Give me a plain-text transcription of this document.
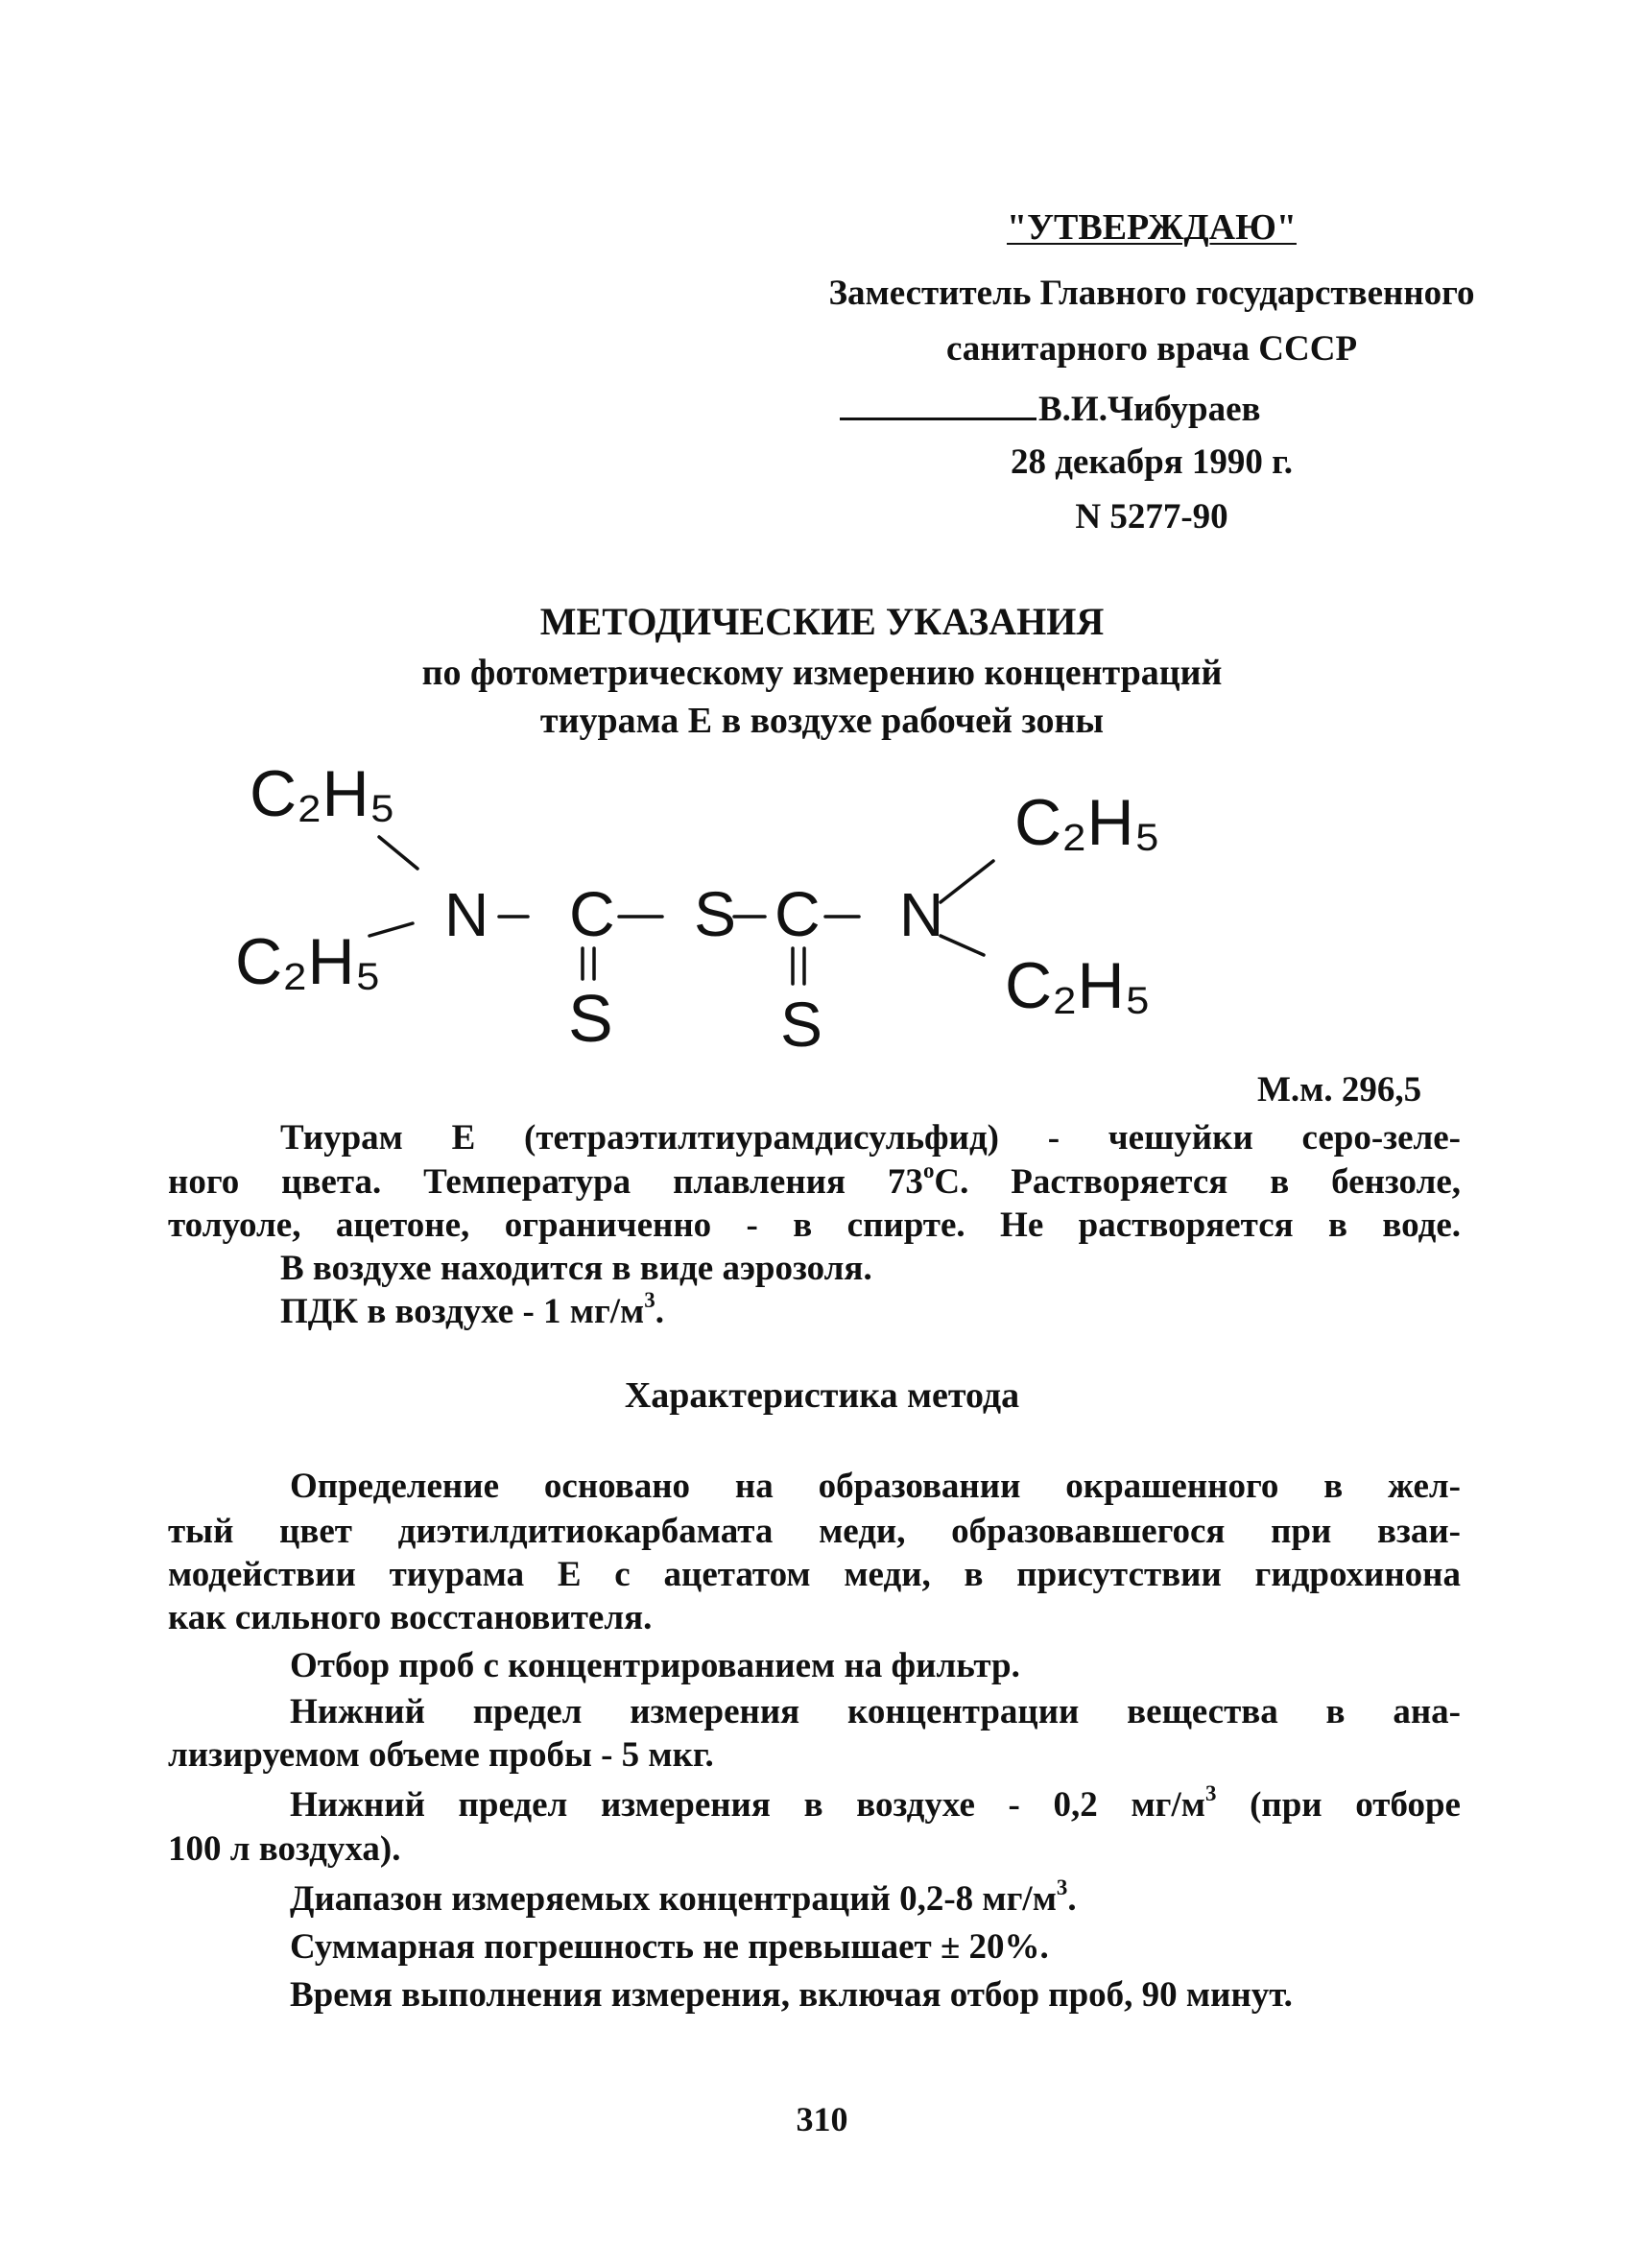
"УТВЕРЖДАЮ"
Заместитель Главного государственного
санитарного врача СССР
В.И.Чибураев
28 декабря 1990 г.
N 5277-90
МЕТОДИЧЕСКИЕ УКАЗАНИЯ
по фотометрическому измерению концентраций
тиурама Е в воздухе рабочей зоны
C₂H₅
C₂H₅
C₂H₅
C₂H₅
N C S C N
S	S
М.м. 296,5
Тиурам Е (тетраэтилтиурамдисульфид) - чешуйки серо-зеле-
ного цвета. Температура плавления $73^оС$. Растворяется в бензоле,
толуоле, ацетоне, ограниченно - в спирте. Не растворяется в воде.
В воздухе находится в виде аэрозоля.
ПДК в воздухе - 1 $мг/м^3$.
Характеристика метода
Определение основано на образовании окрашенного в жел-
тый цвет диэтилдитиокарбамата меди, образовавшегося при взаи-
модействии тиурама Е с ацетатом меди, в присутствии гидрохинона
как сильного восстановителя.
Отбор проб с концентрированием на фильтр.
Нижний предел измерения концентрации вещества в ана-
лизируемом объеме пробы - 5 мкг.
Нижний предел измерения в воздухе - 0,2 $мг/м^3$ (при отборе
100 л воздуха).
Диапазон измеряемых концентраций 0,2-8 $мг/м^3$.
Суммарная погрешность не превышает ± 20%.
Время выполнения измерения, включая отбор проб, 90 минут.
310
